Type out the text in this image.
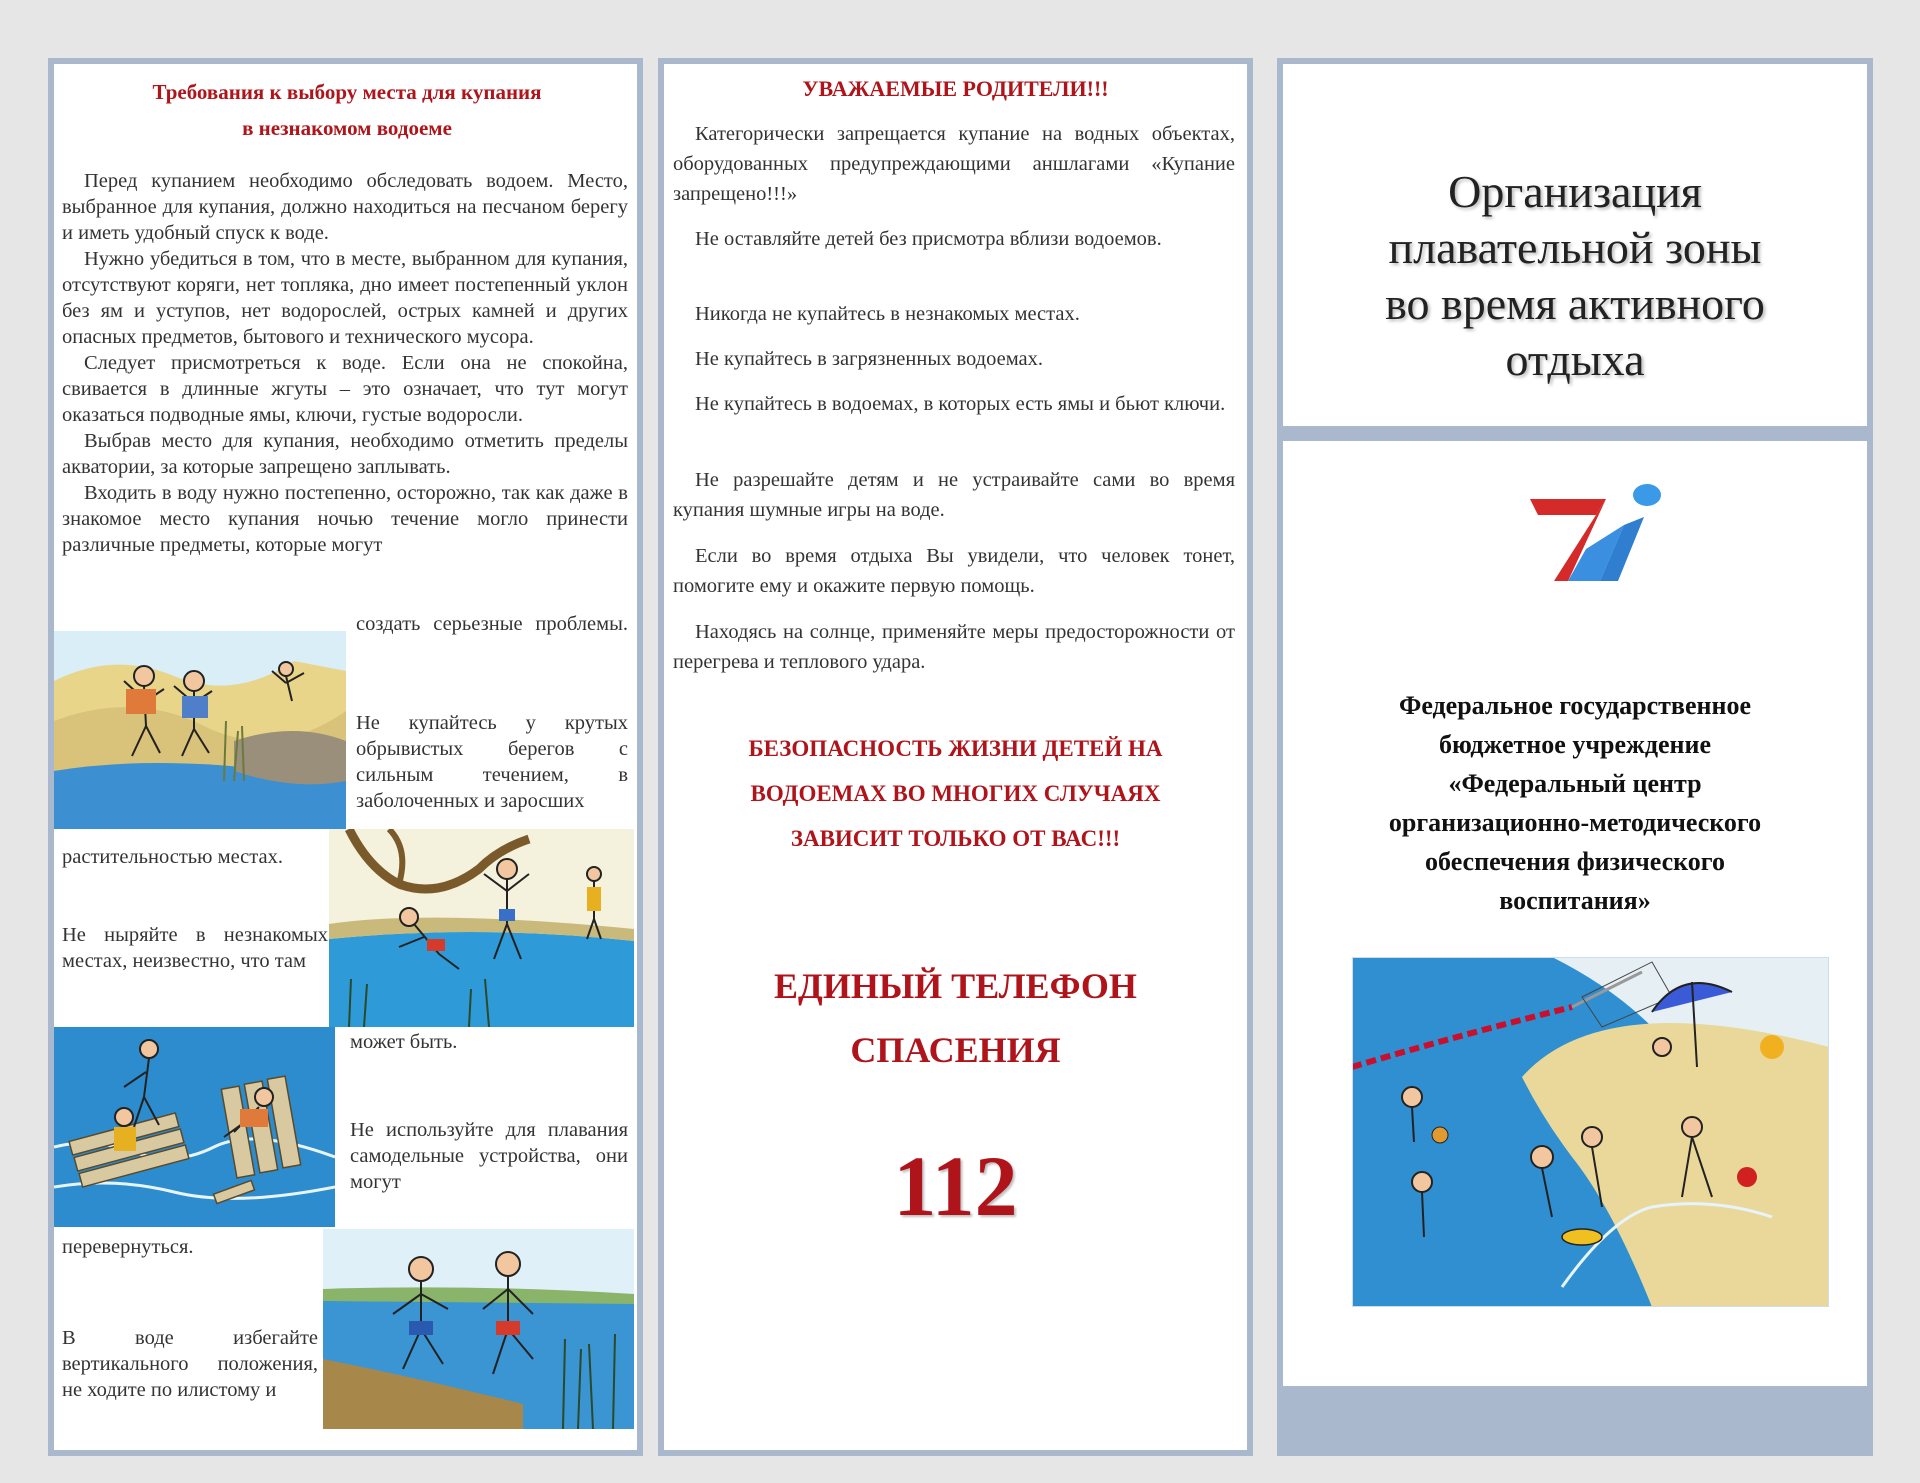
Требования к выбору места для купания
в незнакомом водоеме

Перед купанием необходимо обследовать водоем. Место, выбранное для купания, должно находиться на песчаном берегу и иметь удобный спуск к воде.

Нужно убедиться в том, что в месте, выбранном для купания, отсутствуют коряги, нет топляка, дно имеет постепенный уклон без ям и уступов, нет водорослей, острых камней и других опасных предметов, бытового и технического мусора.

Следует присмотреться к воде. Если она не спокойна, свивается в длинные жгуты – это означает, что тут могут оказаться подводные ямы, ключи, густые водоросли.

Выбрав место для купания, необходимо отметить пределы акватории, за которые запрещено заплывать.

Входить в воду нужно постепенно, осторожно, так как даже в знакомое место купания ночью течение могло принести различные предметы, которые могут

создать серьезные проблемы.

Не купайтесь у крутых обрывистых берегов с сильным течением, в заболоченных и заросших

растительностью местах.

Не ныряйте в незнакомых местах, неизвестно, что там

может быть.

Не используйте для плавания самодельные устройства, они могут

перевернуться.

В воде избегайте вертикального положения, не ходите по илистому и

УВАЖАЕМЫЕ РОДИТЕЛИ!!!

Категорически запрещается купание на водных объектах, оборудованных предупреждающими аншлагами «Купание запрещено!!!»

Не оставляйте детей без присмотра вблизи водоемов.

Никогда не купайтесь в незнакомых местах.

Не купайтесь в загрязненных водоемах.

Не купайтесь в водоемах, в которых есть ямы и бьют ключи.

Не разрешайте детям и не устраивайте сами во время купания шумные игры на воде.

Если во время отдыха Вы увидели, что человек тонет, помогите ему и окажите первую помощь.

Находясь на солнце, применяйте меры предосторожности от перегрева и теплового удара.

БЕЗОПАСНОСТЬ ЖИЗНИ ДЕТЕЙ НА
ВОДОЕМАХ ВО МНОГИХ СЛУЧАЯХ
ЗАВИСИТ ТОЛЬКО ОТ ВАС!!!
ЕДИНЫЙ ТЕЛЕФОН
СПАСЕНИЯ
112
Организация
плавательной зоны
во время активного
отдыха
Федеральное государственное
бюджетное учреждение
«Федеральный центр
организационно-методического
обеспечения физического
воспитания»
